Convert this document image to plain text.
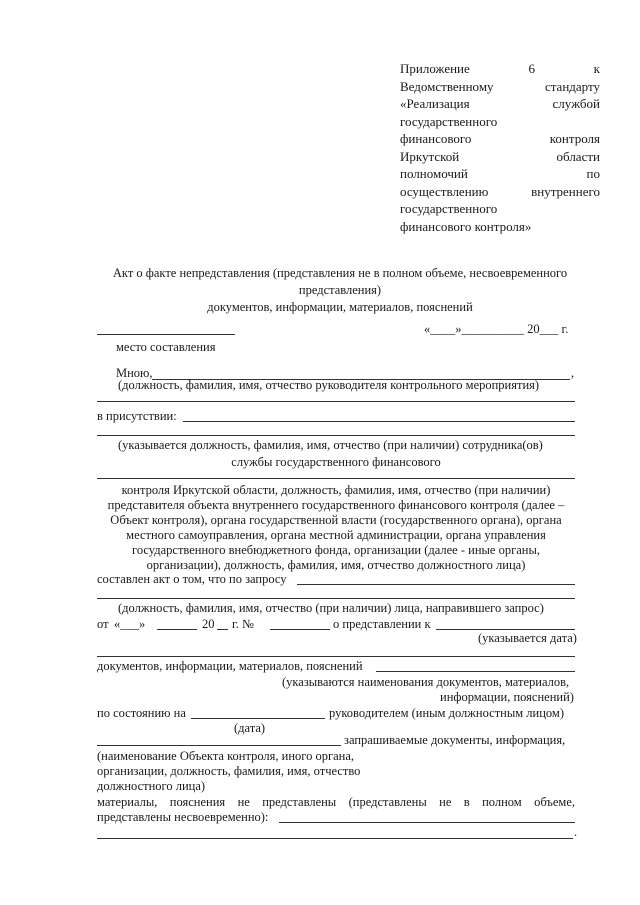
Приложение	6	к
Ведомственному	стандарту
«Реализация	службой
государственного
финансового	контроля
Иркутской	области
полномочий	по
осуществлению	внутреннего
государственного
финансового контроля»
Акт о факте непредставления (представления не в полном объеме, несвоевременного
представления)
документов, информации, материалов, пояснений
«____»__________ 20___ г.
место составления
Мною,	,
(должность, фамилия, имя, отчество руководителя контрольного мероприятия)
в присутствии:
(указывается должность, фамилия, имя, отчество (при наличии) сотрудника(ов)
службы государственного финансового
контроля Иркутской области, должность, фамилия, имя, отчество (при наличии)
представителя объекта внутреннего государственного финансового контроля (далее –
Объект контроля), органа государственной власти (государственного органа), органа
местного самоуправления, органа местной администрации, органа управления
государственного внебюджетного фонда, организации (далее - иные органы,
организации), должность, фамилия, имя, отчество должностного лица)
составлен акт о том, что по запросу
(должность, фамилия, имя, отчество (при наличии) лица, направившего запрос)
от «___»	20 г. №	о представлении к
(указывается дата)
документов, информации, материалов, пояснений
(указываются наименования документов, материалов,
информации, пояснений)
по состоянию на	руководителем (иным должностным лицом)
(дата)
запрашиваемые документы, информация,
(наименование Объекта контроля, иного органа,
организации, должность, фамилия, имя, отчество
должностного лица)
материалы, пояснения не представлены (представлены не в полном объеме,
представлены несвоевременно):
.
